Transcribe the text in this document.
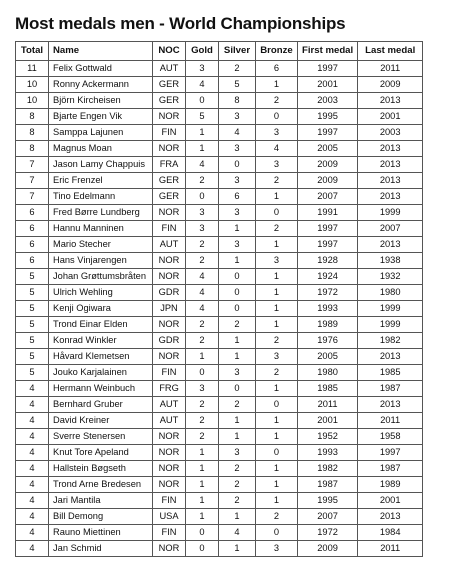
Most medals men - World Championships
Total	Name	NOC	Gold	Silver	Bronze	First medal	Last medal
11	Felix Gottwald	AUT	3	2	6	1997	2011
10	Ronny Ackermann	GER	4	5	1	2001	2009
10	Björn Kircheisen	GER	0	8	2	2003	2013
8	Bjarte Engen Vik	NOR	5	3	0	1995	2001
8	Samppa Lajunen	FIN	1	4	3	1997	2003
8	Magnus Moan	NOR	1	3	4	2005	2013
7	Jason Lamy Chappuis	FRA	4	0	3	2009	2013
7	Eric Frenzel	GER	2	3	2	2009	2013
7	Tino Edelmann	GER	0	6	1	2007	2013
6	Fred Børre Lundberg	NOR	3	3	0	1991	1999
6	Hannu Manninen	FIN	3	1	2	1997	2007
6	Mario Stecher	AUT	2	3	1	1997	2013
6	Hans Vinjarengen	NOR	2	1	3	1928	1938
5	Johan Grøttumsbråten	NOR	4	0	1	1924	1932
5	Ulrich Wehling	GDR	4	0	1	1972	1980
5	Kenji Ogiwara	JPN	4	0	1	1993	1999
5	Trond Einar Elden	NOR	2	2	1	1989	1999
5	Konrad Winkler	GDR	2	1	2	1976	1982
5	Håvard Klemetsen	NOR	1	1	3	2005	2013
5	Jouko Karjalainen	FIN	0	3	2	1980	1985
4	Hermann Weinbuch	FRG	3	0	1	1985	1987
4	Bernhard Gruber	AUT	2	2	0	2011	2013
4	David Kreiner	AUT	2	1	1	2001	2011
4	Sverre Stenersen	NOR	2	1	1	1952	1958
4	Knut Tore Apeland	NOR	1	3	0	1993	1997
4	Hallstein Bøgseth	NOR	1	2	1	1982	1987
4	Trond Arne Bredesen	NOR	1	2	1	1987	1989
4	Jari Mantila	FIN	1	2	1	1995	2001
4	Bill Demong	USA	1	1	2	2007	2013
4	Rauno Miettinen	FIN	0	4	0	1972	1984
4	Jan Schmid	NOR	0	1	3	2009	2011
